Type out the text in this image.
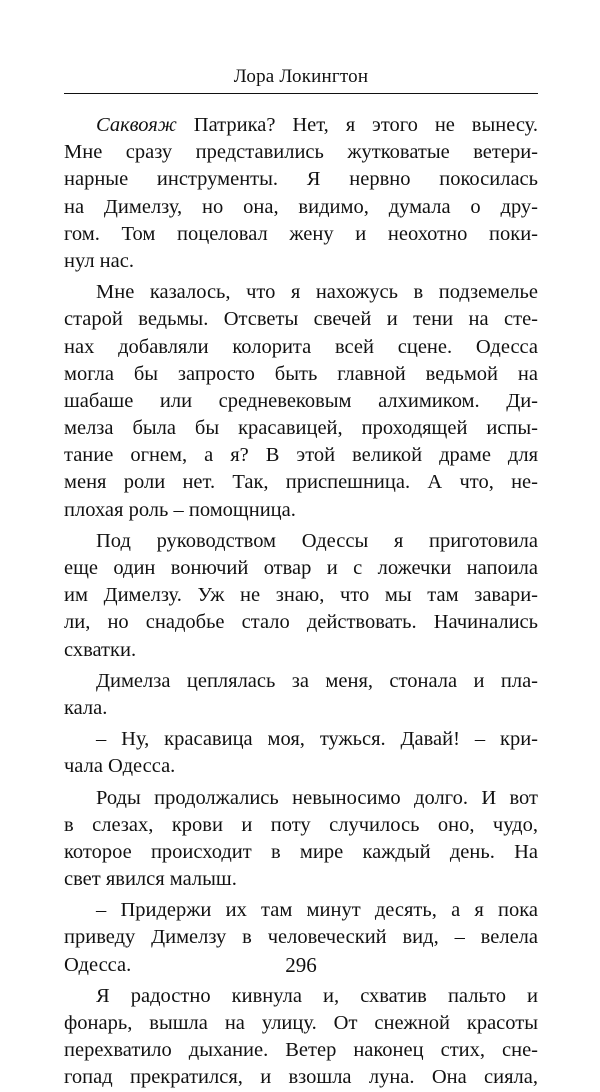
Лора Локингтон
Саквояж Патрика? Нет, я этого не вынесу.
Мне сразу представились жутковатые ветери-
нарные инструменты. Я нервно покосилась
на Димелзу, но она, видимо, думала о дру-
гом. Том поцеловал жену и неохотно поки-
нул нас.
Мне казалось, что я нахожусь в подземелье
старой ведьмы. Отсветы свечей и тени на сте-
нах добавляли колорита всей сцене. Одесса
могла бы запросто быть главной ведьмой на
шабаше или средневековым алхимиком. Ди-
мелза была бы красавицей, проходящей испы-
тание огнем, а я? В этой великой драме для
меня роли нет. Так, приспешница. А что, не-
плохая роль – помощница.
Под руководством Одессы я приготовила
еще один вонючий отвар и с ложечки напоила
им Димелзу. Уж не знаю, что мы там завари-
ли, но снадобье стало действовать. Начинались
схватки.
Димелза цеплялась за меня, стонала и пла-
кала.
– Ну, красавица моя, тужься. Давай! – кри-
чала Одесса.
Роды продолжались невыносимо долго. И вот
в слезах, крови и поту случилось оно, чудо,
которое происходит в мире каждый день. На
свет явился малыш.
– Придержи их там минут десять, а я пока
приведу Димелзу в человеческий вид, – велела
Одесса.
Я радостно кивнула и, схватив пальто и
фонарь, вышла на улицу. От снежной красоты
перехватило дыхание. Ветер наконец стих, сне-
гопад прекратился, и взошла луна. Она сияла,
296
